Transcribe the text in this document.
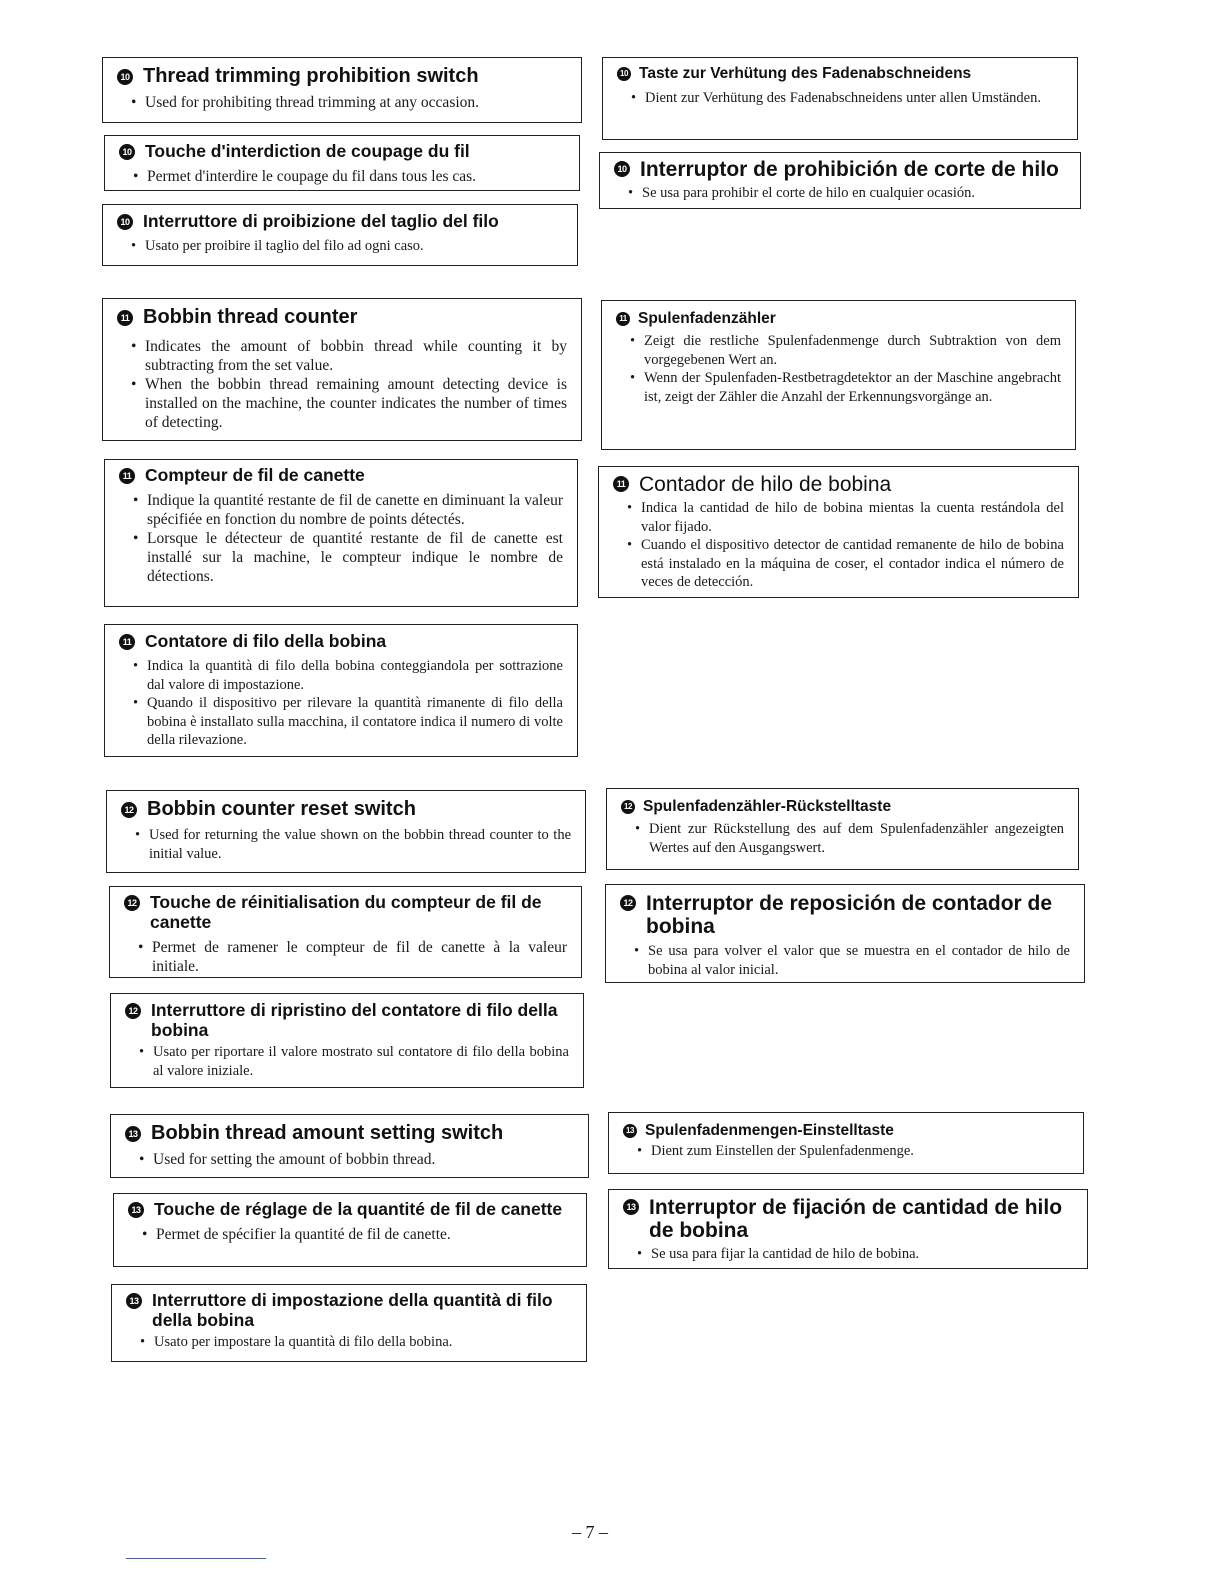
10 Thread trimming prohibition switch
• Used for prohibiting thread trimming at any occasion.
10 Touche d'interdiction de coupage du fil
• Permet d'interdire le coupage du fil dans tous les cas.
10 Interruttore di proibizione del taglio del filo
• Usato per proibire il taglio del filo ad ogni caso.
10 Taste zur Verhütung des Fadenabschneidens
• Dient zur Verhütung des Fadenabschneidens unter allen Umständen.
10 Interruptor de prohibición de corte de hilo
• Se usa para prohibir el corte de hilo en cualquier ocasión.
11 Bobbin thread counter
• Indicates the amount of bobbin thread while counting it by subtracting from the set value.
• When the bobbin thread remaining amount detecting device is installed on the machine, the counter indicates the number of times of detecting.
11 Compteur de fil de canette
• Indique la quantité restante de fil de canette en diminuant la valeur spécifiée en fonction du nombre de points détectés.
• Lorsque le détecteur de quantité restante de fil de canette est installé sur la machine, le compteur indique le nombre de détections.
11 Contatore di filo della bobina
• Indica la quantità di filo della bobina conteggiandola per sottrazione dal valore di impostazione.
• Quando il dispositivo per rilevare la quantità rimanente di filo della bobina è installato sulla macchina, il contatore indica il numero di volte della rilevazione.
11 Spulenfadenzähler
• Zeigt die restliche Spulenfadenmenge durch Subtraktion von dem vorgegebenen Wert an.
• Wenn der Spulenfaden-Restbetragdetektor an der Maschine angebracht ist, zeigt der Zähler die Anzahl der Erkennungsvorgänge an.
11 Contador de hilo de bobina
• Indica la cantidad de hilo de bobina mientas la cuenta restándola del valor fijado.
• Cuando el dispositivo detector de cantidad remanente de hilo de bobina está instalado en la máquina de coser, el contador indica el número de veces de detección.
12 Bobbin counter reset switch
• Used for returning the value shown on the bobbin thread counter to the initial value.
12 Touche de réinitialisation du compteur de fil de canette
• Permet de ramener le compteur de fil de canette à la valeur initiale.
12 Interruttore di ripristino del contatore di filo della bobina
• Usato per riportare il valore mostrato sul contatore di filo della bobina al valore iniziale.
12 Spulenfadenzähler-Rückstelltaste
• Dient zur Rückstellung des auf dem Spulenfadenzähler angezeigten Wertes auf den Ausgangswert.
12 Interruptor de reposición de contador de bobina
• Se usa para volver el valor que se muestra en el contador de hilo de bobina al valor inicial.
13 Bobbin thread amount setting switch
• Used for setting the amount of bobbin thread.
13 Touche de réglage de la quantité de fil de canette
• Permet de spécifier la quantité de fil de canette.
13 Interruttore di impostazione della quantità di filo della bobina
• Usato per impostare la quantità di filo della bobina.
13 Spulenfadenmengen-Einstelltaste
• Dient zum Einstellen der Spulenfadenmenge.
13 Interruptor de fijación de cantidad de hilo de bobina
• Se usa para fijar la cantidad de hilo de bobina.
– 7 –
